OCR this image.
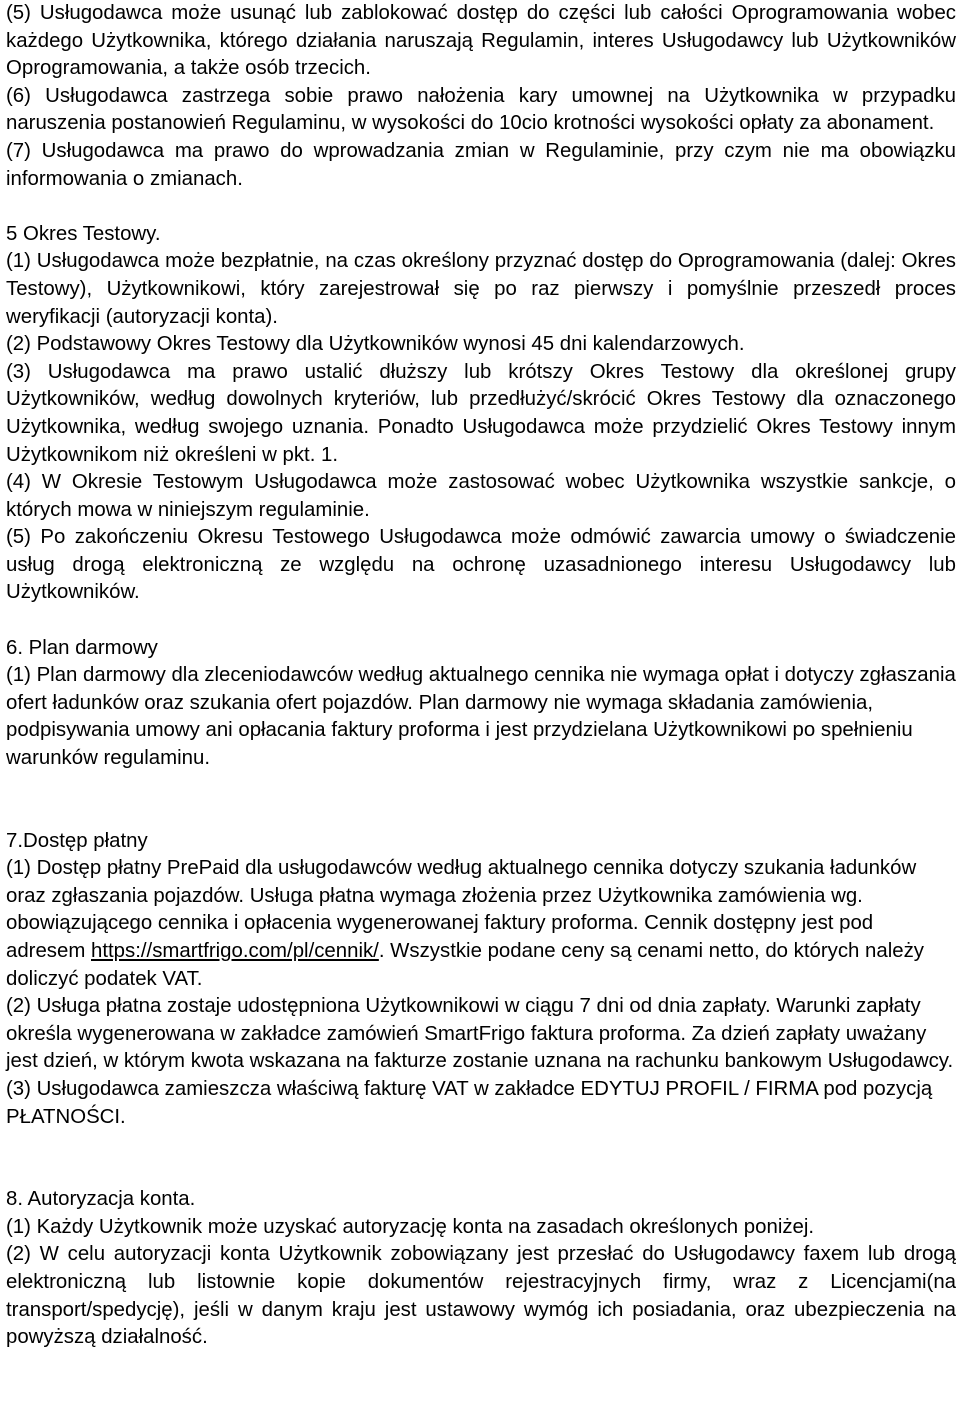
(5) Usługodawca może usunąć lub zablokować dostęp do części lub całości Oprogramowania wobec każdego Użytkownika, którego działania naruszają Regulamin, interes Usługodawcy lub Użytkowników Oprogramowania, a także osób trzecich.

(6) Usługodawca zastrzega sobie prawo nałożenia kary umownej na Użytkownika w przypadku naruszenia postanowień Regulaminu, w wysokości do 10cio krotności wysokości opłaty za abonament.

(7) Usługodawca ma prawo do wprowadzania zmian w Regulaminie, przy czym nie ma obowiązku informowania o zmianach.

5 Okres Testowy.

(1) Usługodawca może bezpłatnie, na czas określony przyznać dostęp do Oprogramowania (dalej: Okres Testowy), Użytkownikowi, który zarejestrował się po raz pierwszy i pomyślnie przeszedł proces weryfikacji (autoryzacji konta).

(2) Podstawowy Okres Testowy dla Użytkowników wynosi 45 dni kalendarzowych.

(3) Usługodawca ma prawo ustalić dłuższy lub krótszy Okres Testowy dla określonej grupy Użytkowników, według dowolnych kryteriów, lub przedłużyć/skrócić Okres Testowy dla oznaczonego Użytkownika, według swojego uznania. Ponadto Usługodawca może przydzielić Okres Testowy innym Użytkownikom niż określeni w pkt. 1.

(4) W Okresie Testowym Usługodawca może zastosować wobec Użytkownika wszystkie sankcje, o których mowa w niniejszym regulaminie.

(5) Po zakończeniu Okresu Testowego Usługodawca może odmówić zawarcia umowy o świadczenie usług drogą elektroniczną ze względu na ochronę uzasadnionego interesu Usługodawcy lub Użytkowników.

6. Plan darmowy

(1) Plan darmowy dla zleceniodawców według aktualnego cennika nie wymaga opłat i dotyczy zgłaszania ofert ładunków oraz szukania ofert pojazdów. Plan darmowy nie wymaga składania zamówienia, podpisywania umowy ani opłacania faktury proforma i jest przydzielana Użytkownikowi po spełnieniu warunków regulaminu.

7.Dostęp płatny

(1) Dostęp płatny PrePaid dla usługodawców według aktualnego cennika dotyczy szukania ładunków oraz zgłaszania pojazdów. Usługa płatna wymaga złożenia przez Użytkownika zamówienia wg. obowiązującego cennika i opłacenia wygenerowanej faktury proforma. Cennik dostępny jest pod adresem https://smartfrigo.com/pl/cennik/. Wszystkie podane ceny są cenami netto, do których należy doliczyć podatek VAT.

(2) Usługa płatna zostaje udostępniona Użytkownikowi w ciągu 7 dni od dnia zapłaty. Warunki zapłaty określa wygenerowana w zakładce zamówień SmartFrigo faktura proforma. Za dzień zapłaty uważany jest dzień, w którym kwota wskazana na fakturze zostanie uznana na rachunku bankowym Usługodawcy.

(3) Usługodawca zamieszcza właściwą fakturę VAT w zakładce EDYTUJ PROFIL / FIRMA pod pozycją PŁATNOŚCI.

8. Autoryzacja konta.

(1) Każdy Użytkownik może uzyskać autoryzację konta na zasadach określonych poniżej.

(2) W celu autoryzacji konta Użytkownik zobowiązany jest przesłać do Usługodawcy faxem lub drogą elektroniczną lub listownie kopie dokumentów rejestracyjnych firmy, wraz z Licencjami(na transport/spedycję), jeśli w danym kraju jest ustawowy wymóg ich posiadania, oraz ubezpieczenia na powyższą działalność.
